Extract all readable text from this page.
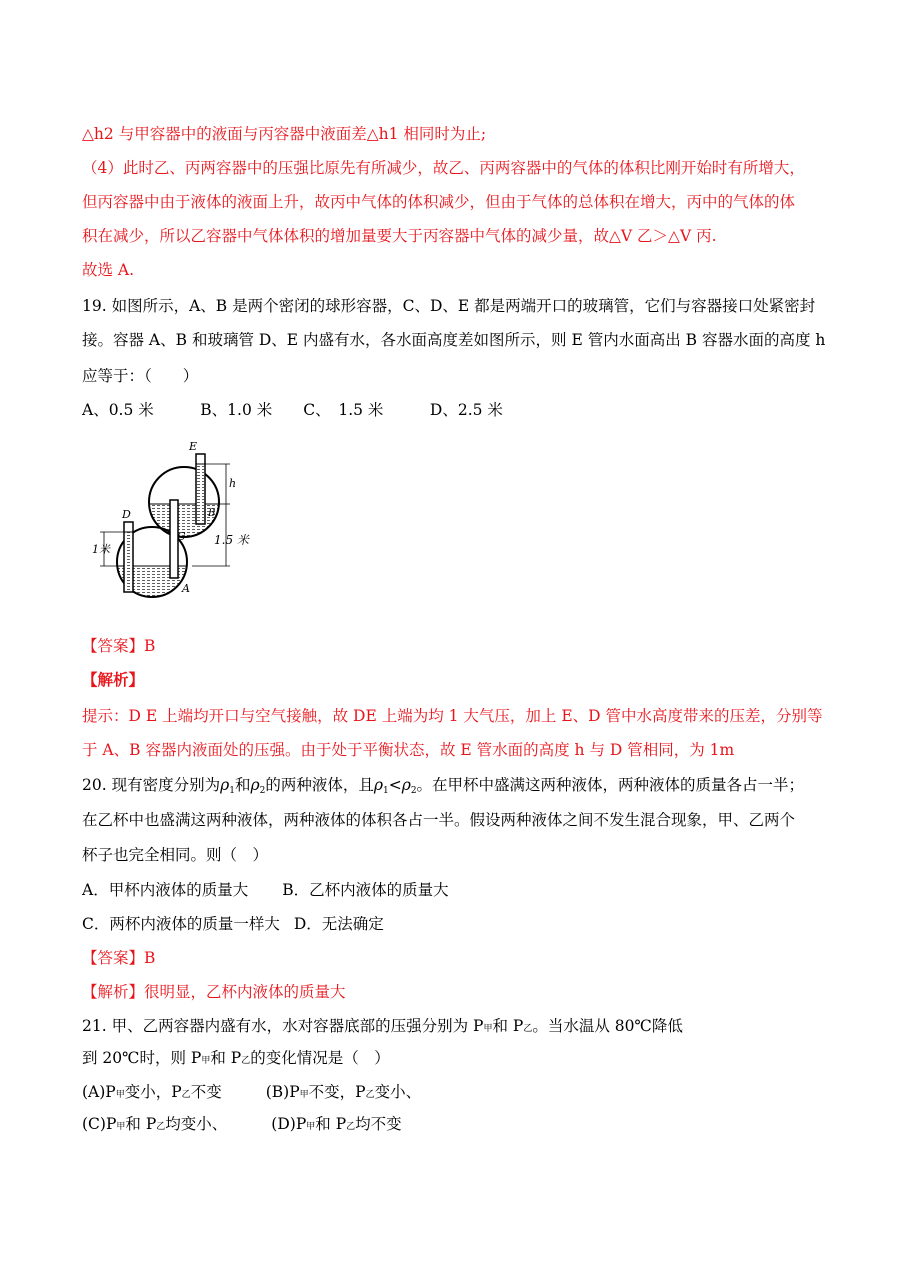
△h2 与甲容器中的液面与丙容器中液面差△h1 相同时为止;
（4）此时乙、丙两容器中的压强比原先有所减少，故乙、丙两容器中的气体的体积比刚开始时有所增大，
但丙容器中由于液体的液面上升，故丙中气体的体积减少，但由于气体的总体积在增大，丙中的气体的体
积在减少，所以乙容器中气体体积的增加量要大于丙容器中气体的减少量，故△V 乙＞△V 丙.
故选 A.
19. 如图所示，A、B 是两个密闭的球形容器，C、D、E 都是两端开口的玻璃管，它们与容器接口处紧密封
接。容器 A、B 和玻璃管 D、E 内盛有水，各水面高度差如图所示，则 E 管内水面高出 B 容器水面的高度 h
应等于：（　　）
A、0.5 米　　　B、1.0 米　　C、　1.5 米　　　D、2.5 米
E
h
B
D
C
A
1米
1.5 米
【答案】B
【解析】
提示：D E 上端均开口与空气接触，故 DE 上端为均 1 大气压，加上 E、D 管中水高度带来的压差，分别等
于 A、B 容器内液面处的压强。由于处于平衡状态，故 E 管水面的高度 h 与 D 管相同，为 1m
20. 现有密度分别为ρ1和ρ2的两种液体，且ρ1<ρ2。在甲杯中盛满这两种液体，两种液体的质量各占一半；
在乙杯中也盛满这两种液体，两种液体的体积各占一半。假设两种液体之间不发生混合现象，甲、乙两个
杯子也完全相同。则（　）
A．甲杯内液体的质量大 B．乙杯内液体的质量大
C．两杯内液体的质量一样大 D．无法确定
【答案】B
【解析】很明显，乙杯内液体的质量大
21. 甲、乙两容器内盛有水，水对容器底部的压强分别为 P甲和 P乙。当水温从 80℃降低
到 20℃时，则 P甲和 P乙的变化情况是（　）
(A)P甲变小，P乙不变	(B)P甲不变，P乙变小、
(C)P甲和 P乙均变小、	(D)P甲和 P乙均不变
